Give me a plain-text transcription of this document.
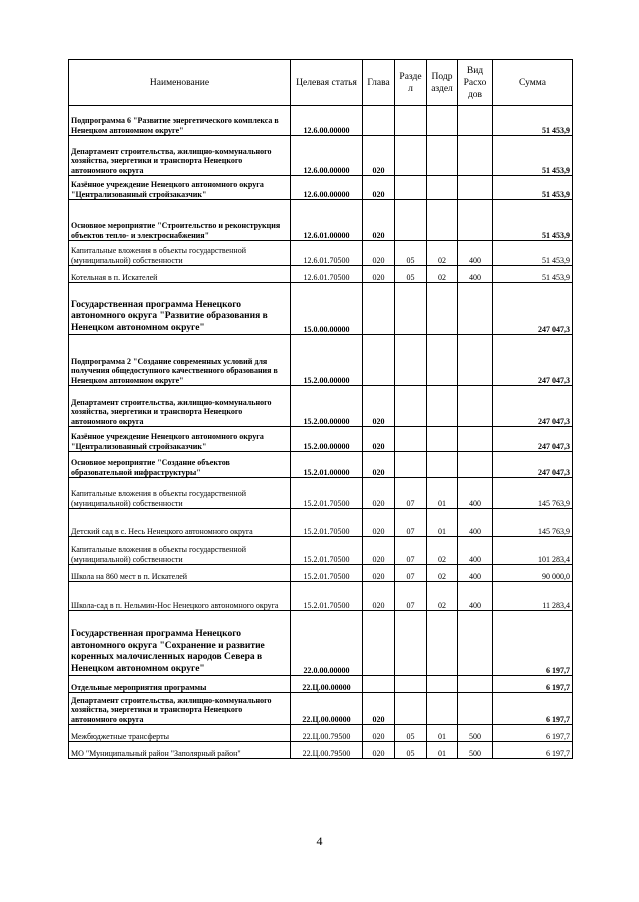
Наименование	Целевая статья	Глава	Разде л	Подр аздел	Вид Расхо дов	Сумма
Подпрограмма 6 "Развитие энергетического комплекса в Ненецком автономном округе"	12.6.00.00000					51 453,9
Департамент строительства, жилищно-коммунального хозяйства, энергетики и транспорта Ненецкого автономного округа	12.6.00.00000	020				51 453,9
Казённое учреждение Ненецкого автономного округа "Централизованный стройзаказчик"	12.6.00.00000	020				51 453,9
Основное мероприятие "Строительство и реконструкция объектов тепло- и электроснабжения"	12.6.01.00000	020				51 453,9
Капитальные вложения в объекты государственной (муниципальной) собственности	12.6.01.70500	020	05	02	400	51 453,9
Котельная в п. Искателей	12.6.01.70500	020	05	02	400	51 453,9
Государственная программа Ненецкого автономного округа "Развитие образования в Ненецком автономном округе"	15.0.00.00000					247 047,3
Подпрограмма 2 "Создание современных условий для получения общедоступного качественного образования в Ненецком автономном округе"	15.2.00.00000					247 047,3
Департамент строительства, жилищно-коммунального хозяйства, энергетики и транспорта Ненецкого автономного округа	15.2.00.00000	020				247 047,3
Казённое учреждение Ненецкого автономного округа "Централизованный стройзаказчик"	15.2.00.00000	020				247 047,3
Основное мероприятие "Создание объектов образовательной инфраструктуры"	15.2.01.00000	020				247 047,3
Капитальные вложения в объекты государственной (муниципальной) собственности	15.2.01.70500	020	07	01	400	145 763,9
Детский сад в с. Несь Ненецкого автономного округа	15.2.01.70500	020	07	01	400	145 763,9
Капитальные вложения в объекты государственной (муниципальной) собственности	15.2.01.70500	020	07	02	400	101 283,4
Школа на 860 мест в п. Искателей	15.2.01.70500	020	07	02	400	90 000,0
Школа-сад в п. Нельмин-Нос Ненецкого автономного округа	15.2.01.70500	020	07	02	400	11 283,4
Государственная программа Ненецкого автономного округа "Сохранение и развитие коренных малочисленных народов Севера в Ненецком автономном округе"	22.0.00.00000					6 197,7
Отдельные мероприятия программы	22.Ц.00.00000					6 197,7
Департамент строительства, жилищно-коммунального хозяйства, энергетики и транспорта Ненецкого автономного округа	22.Ц.00.00000	020				6 197,7
Межбюджетные трансферты	22.Ц.00.79500	020	05	01	500	6 197,7
МО "Муниципальный район "Заполярный район"	22.Ц.00.79500	020	05	01	500	6 197,7
4
